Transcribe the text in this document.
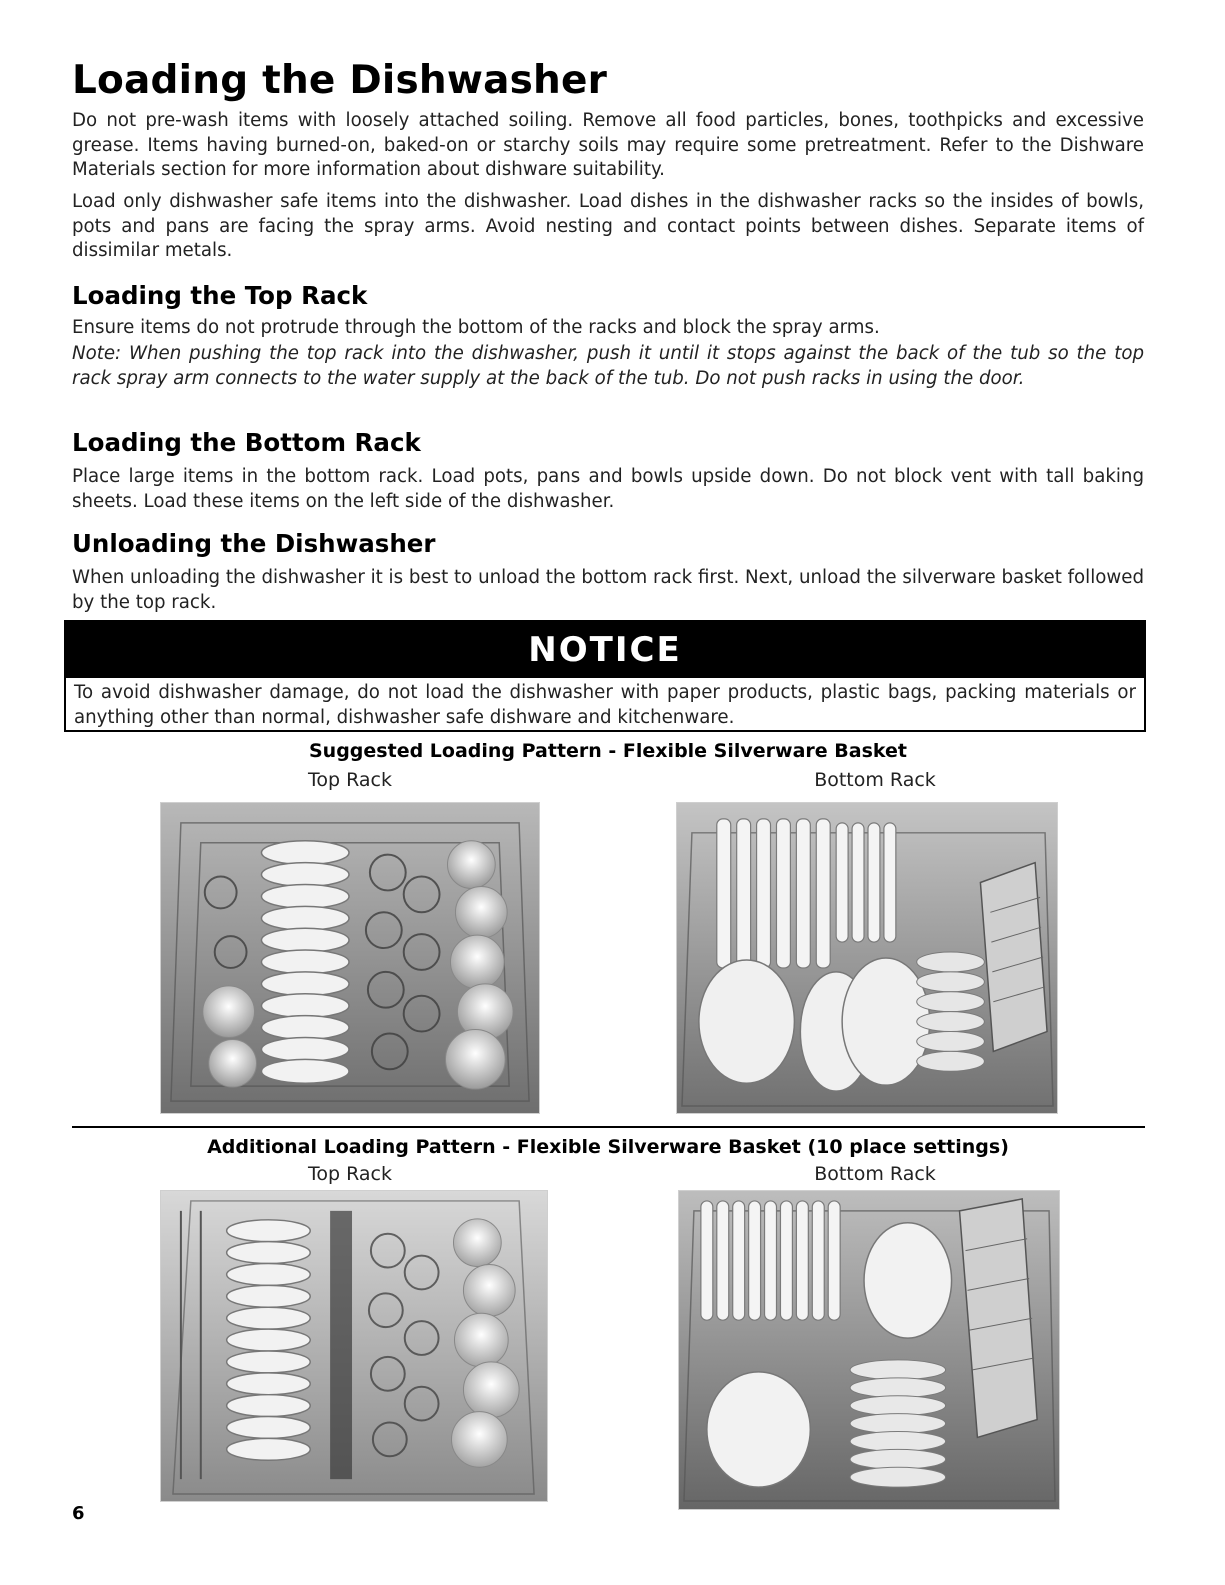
Loading the Dishwasher

Do not pre-wash items with loosely attached soiling. Remove all food particles, bones, toothpicks and excessive grease. Items having burned-on, baked-on or starchy soils may require some pretreatment. Refer to the Dishware Materials section for more information about dishware suitability.

Load only dishwasher safe items into the dishwasher. Load dishes in the dishwasher racks so the insides of bowls, pots and pans are facing the spray arms. Avoid nesting and contact points between dishes. Separate items of dissimilar metals.

Loading the Top Rack

Ensure items do not protrude through the bottom of the racks and block the spray arms.

Note: When pushing the top rack into the dishwasher, push it until it stops against the back of the tub so the top rack spray arm connects to the water supply at the back of the tub. Do not push racks in using the door.

Loading the Bottom Rack

Place large items in the bottom rack. Load pots, pans and bowls upside down. Do not block vent with tall baking sheets. Load these items on the left side of the dishwasher.

Unloading the Dishwasher

When unloading the dishwasher it is best to unload the bottom rack first. Next, unload the silverware basket followed by the top rack.

NOTICE
To avoid dishwasher damage, do not load the dishwasher with paper products, plastic bags, packing materials or anything other than normal, dishwasher safe dishware and kitchenware.
Suggested Loading Pattern - Flexible Silverware Basket
Top Rack	Bottom Rack
Additional Loading Pattern - Flexible Silverware Basket (10 place settings)
Top Rack	Bottom Rack
6
